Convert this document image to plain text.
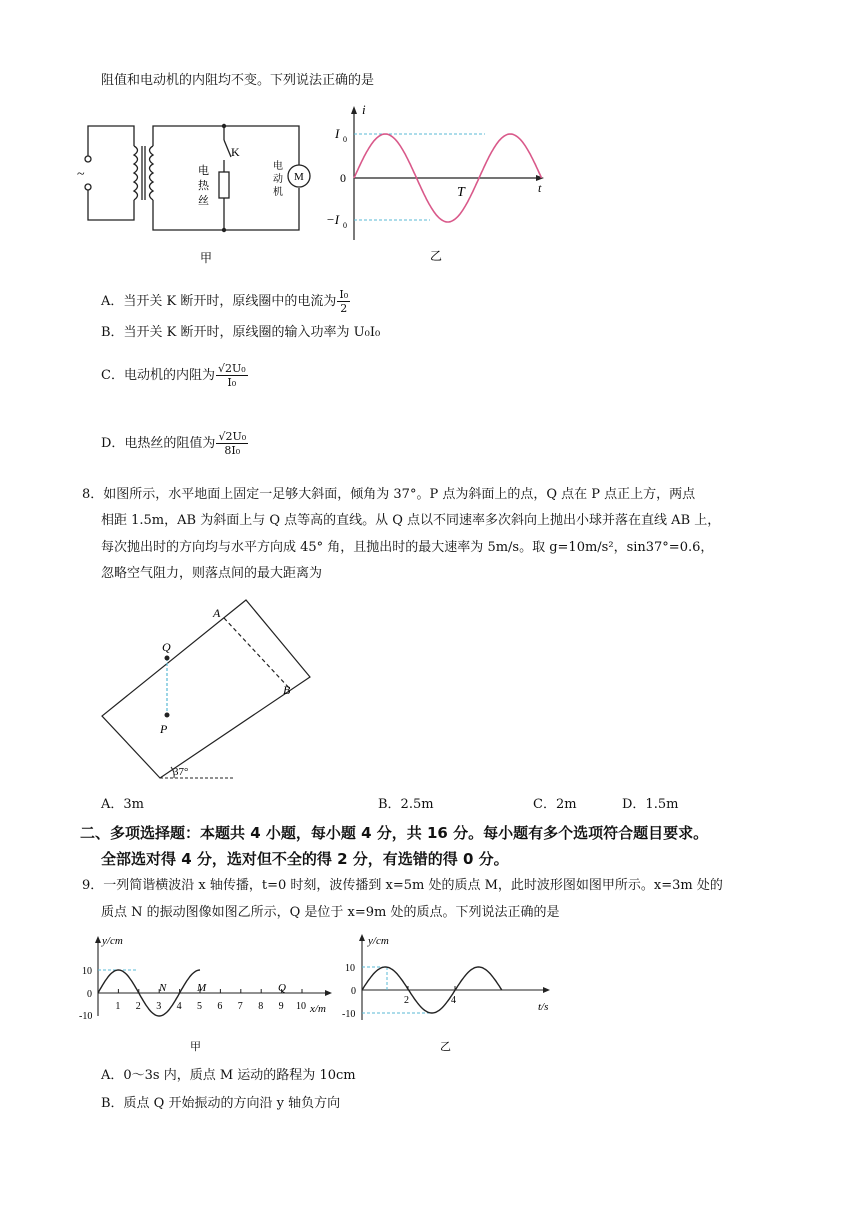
阻值和电动机的内阻均不变。下列说法正确的是
~
K
电
热
丝
电
动
机
M
甲
i
t
I 0
0
−I 0
T
乙
A．当开关 K 断开时，原线圈中的电流为 $\frac{\text{I₀}}{2}$
B．当开关 K 断开时，原线圈的输入功率为 U₀I₀
C．电动机的内阻为 $\frac{\text{√2U₀}}{\text{I₀}}$
D．电热丝的阻值为 $\frac{\text{√2U₀}}{\text{8I₀}}$
8．如图所示，水平地面上固定一足够大斜面，倾角为 37°。P 点为斜面上的点，Q 点在 P 点正上方，两点
相距 1.5m，AB 为斜面上与 Q 点等高的直线。从 Q 点以不同速率多次斜向上抛出小球并落在直线 AB 上，
每次抛出时的方向均与水平方向成 45° 角，且抛出时的最大速率为 5m/s。取 g=10m/s²，sin37°=0.6，
忽略空气阻力，则落点间的最大距离为
A
B
Q
P
37°
A．3m	B．2.5m	C．2m	D．1.5m
二、多项选择题：本题共 4 小题，每小题 4 分，共 16 分。每小题有多个选项符合题目要求。
全部选对得 4 分，选对但不全的得 2 分，有选错的得 0 分。
9．一列简谐横波沿 x 轴传播，t=0 时刻，波传播到 x=5m 处的质点 M，此时波形图如图甲所示。x=3m 处的
质点 N 的振动图像如图乙所示，Q 是位于 x=9m 处的质点。下列说法正确的是
1 2 3 4 5 6 7 8 9 10
y/cm
x/m
10
0
-10
N	M	Q
甲
y/cm
t/s
10
0
-10
2	4
乙
A．0～3s 内，质点 M 运动的路程为 10cm
B．质点 Q 开始振动的方向沿 y 轴负方向
